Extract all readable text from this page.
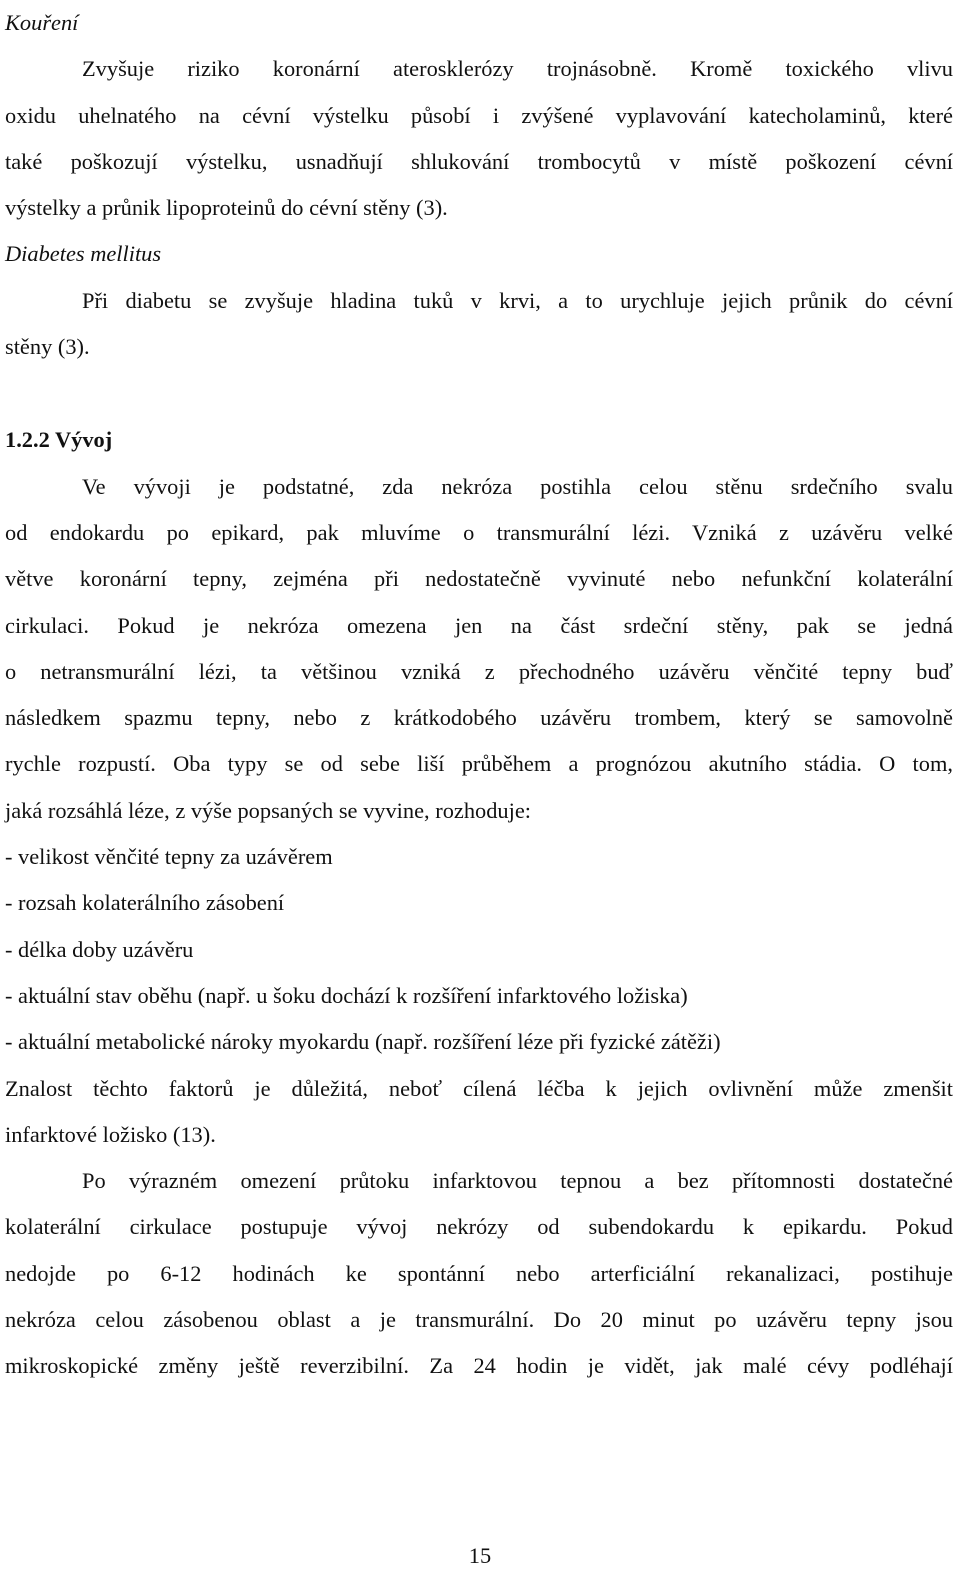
Kouření
Zvyšuje riziko koronární aterosklerózy trojnásobně. Kromě toxického vlivu
oxidu uhelnatého na cévní výstelku působí i zvýšené vyplavování katecholaminů, které
také poškozují výstelku, usnadňují shlukování trombocytů v místě poškození cévní
výstelky a průnik lipoproteinů do cévní stěny (3).
Diabetes mellitus
Při diabetu se zvyšuje hladina tuků v krvi, a to urychluje jejich průnik do cévní
stěny (3).
1.2.2 Vývoj
Ve vývoji je podstatné, zda nekróza postihla celou stěnu srdečního svalu
od endokardu po epikard, pak mluvíme o transmurální lézi. Vzniká z uzávěru velké
větve koronární tepny, zejména při nedostatečně vyvinuté nebo nefunkční kolaterální
cirkulaci. Pokud je nekróza omezena jen na část srdeční stěny, pak se jedná
o netransmurální lézi, ta většinou vzniká z přechodného uzávěru věnčité tepny buď
následkem spazmu tepny, nebo z krátkodobého uzávěru trombem, který se samovolně
rychle rozpustí. Oba typy se od sebe liší průběhem a prognózou akutního stádia. O tom,
jaká rozsáhlá léze, z výše popsaných se vyvine, rozhoduje:
- velikost věnčité tepny za uzávěrem
- rozsah kolaterálního zásobení
- délka doby uzávěru
- aktuální stav oběhu (např. u šoku dochází k rozšíření infarktového ložiska)
- aktuální metabolické nároky myokardu (např. rozšíření léze při fyzické zátěži)
Znalost těchto faktorů je důležitá, neboť cílená léčba k jejich ovlivnění může zmenšit
infarktové ložisko (13).
Po výrazném omezení průtoku infarktovou tepnou a bez přítomnosti dostatečné
kolaterální cirkulace postupuje vývoj nekrózy od subendokardu k epikardu. Pokud
nedojde po 6-12 hodinách ke spontánní nebo arterficiální rekanalizaci, postihuje
nekróza celou zásobenou oblast a je transmurální. Do 20 minut po uzávěru tepny jsou
mikroskopické změny ještě reverzibilní. Za 24 hodin je vidět, jak malé cévy podléhají
15
